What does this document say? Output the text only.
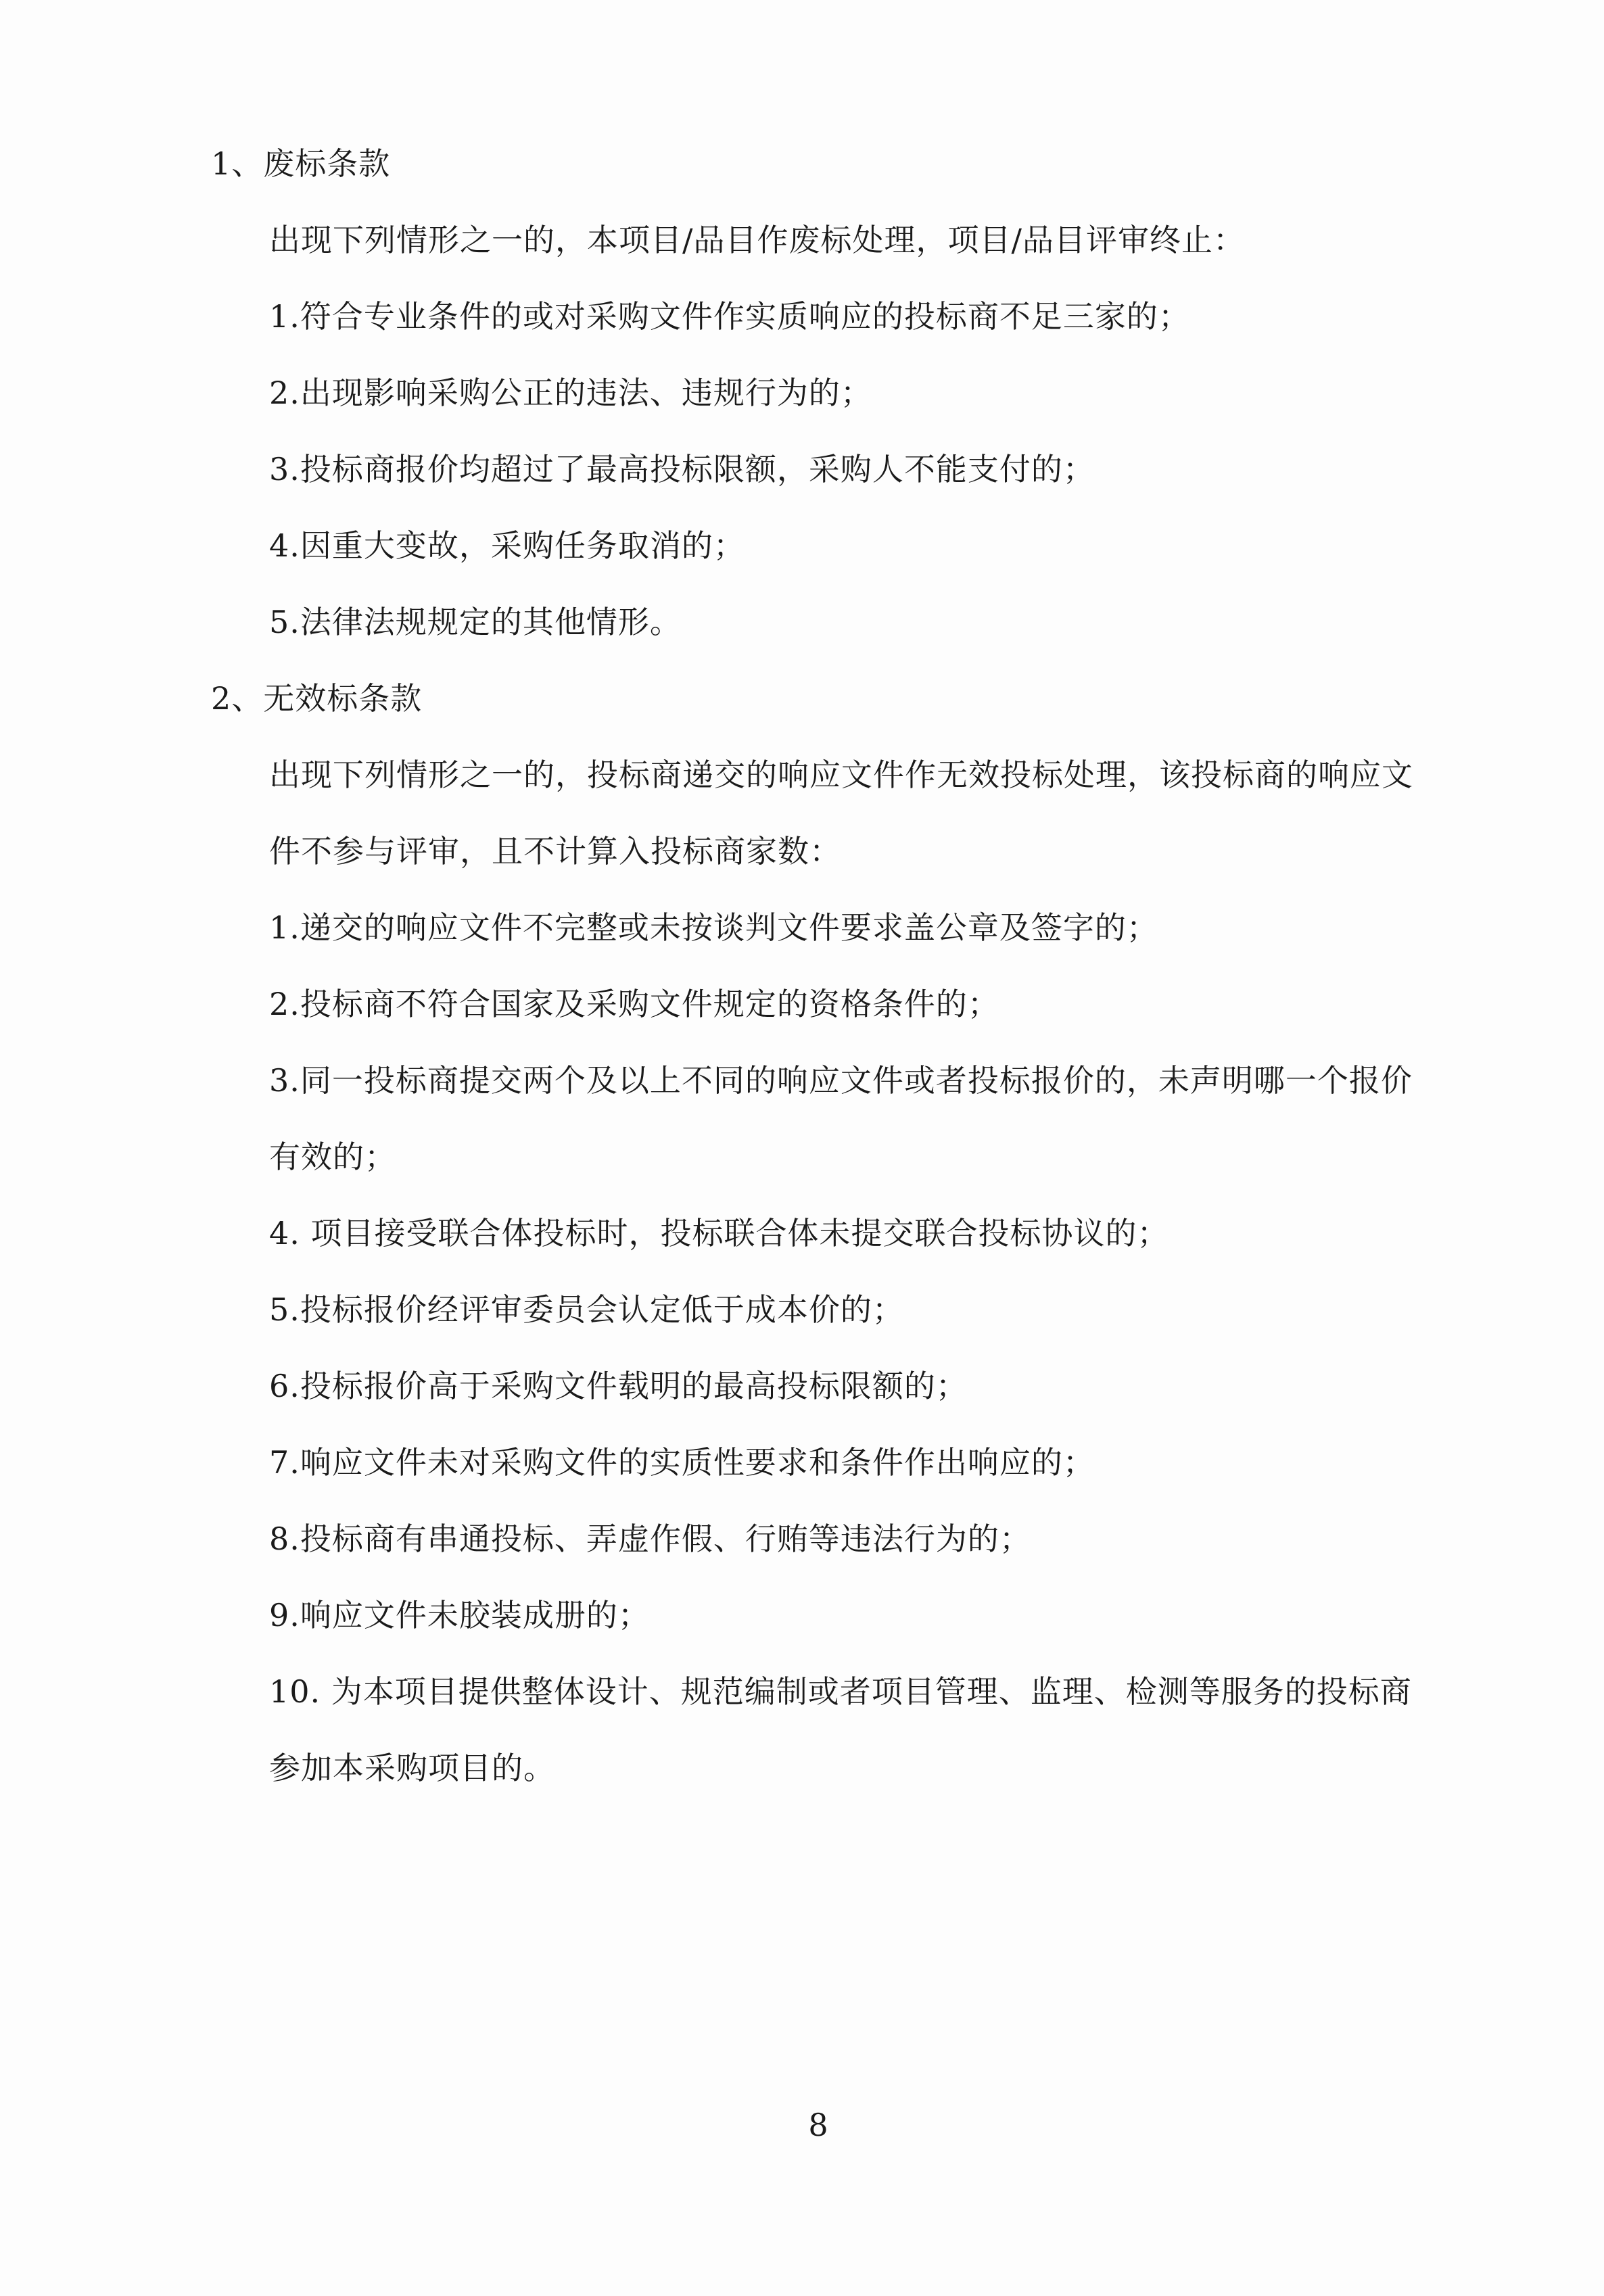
1、废标条款
出现下列情形之一的，本项目/品目作废标处理，项目/品目评审终止：
1.符合专业条件的或对采购文件作实质响应的投标商不足三家的；
2.出现影响采购公正的违法、违规行为的；
3.投标商报价均超过了最高投标限额，采购人不能支付的；
4.因重大变故，采购任务取消的；
5.法律法规规定的其他情形。
2、无效标条款
出现下列情形之一的，投标商递交的响应文件作无效投标处理，该投标商的响应文
件不参与评审，且不计算入投标商家数：
1.递交的响应文件不完整或未按谈判文件要求盖公章及签字的；
2.投标商不符合国家及采购文件规定的资格条件的；
3.同一投标商提交两个及以上不同的响应文件或者投标报价的，未声明哪一个报价
有效的；
4. 项目接受联合体投标时，投标联合体未提交联合投标协议的；
5.投标报价经评审委员会认定低于成本价的；
6.投标报价高于采购文件载明的最高投标限额的；
7.响应文件未对采购文件的实质性要求和条件作出响应的；
8.投标商有串通投标、弄虚作假、行贿等违法行为的；
9.响应文件未胶装成册的；
10. 为本项目提供整体设计、规范编制或者项目管理、监理、检测等服务的投标商
参加本采购项目的。
8
